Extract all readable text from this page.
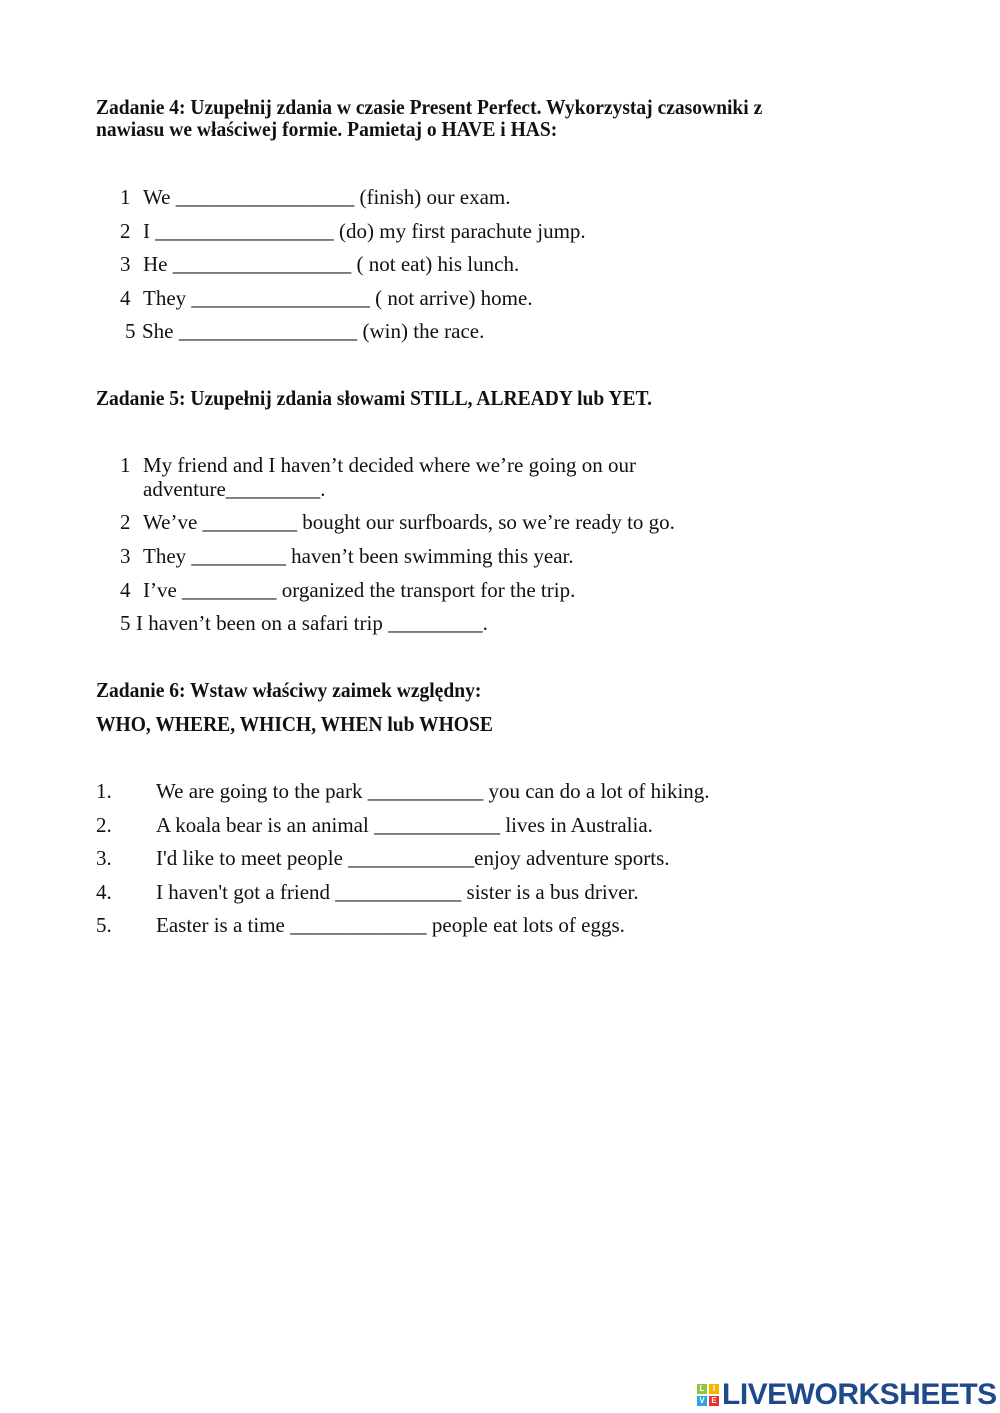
Zadanie 4: Uzupełnij zdania w czasie Present Perfect. Wykorzystaj czasowniki z
nawiasu we właściwej formie. Pamietaj o HAVE i HAS:
1 We _________________ (finish) our exam.
2 I _________________ (do) my first parachute jump.
3 He _________________ ( not eat) his lunch.
4 They _________________ ( not arrive) home.
5 She _________________ (win) the race.
Zadanie 5: Uzupełnij zdania słowami STILL, ALREADY lub YET.
1 My friend and I haven’t decided where we’re going on our
adventure_________.
2 We’ve _________ bought our surfboards, so we’re ready to go.
3 They _________ haven’t been swimming this year.
4 I’ve _________ organized the transport for the trip.
5 I haven’t been on a safari trip _________.
Zadanie 6: Wstaw właściwy zaimek względny:
WHO, WHERE, WHICH, WHEN lub WHOSE
1. We are going to the park ___________ you can do a lot of hiking.
2. A koala bear is an animal ____________ lives in Australia.
3. I'd like to meet people ____________enjoy adventure sports.
4. I haven't got a friend ____________ sister is a bus driver.
5. Easter is a time _____________ people eat lots of eggs.
L	I
V E LIVEWORKSHEETS
